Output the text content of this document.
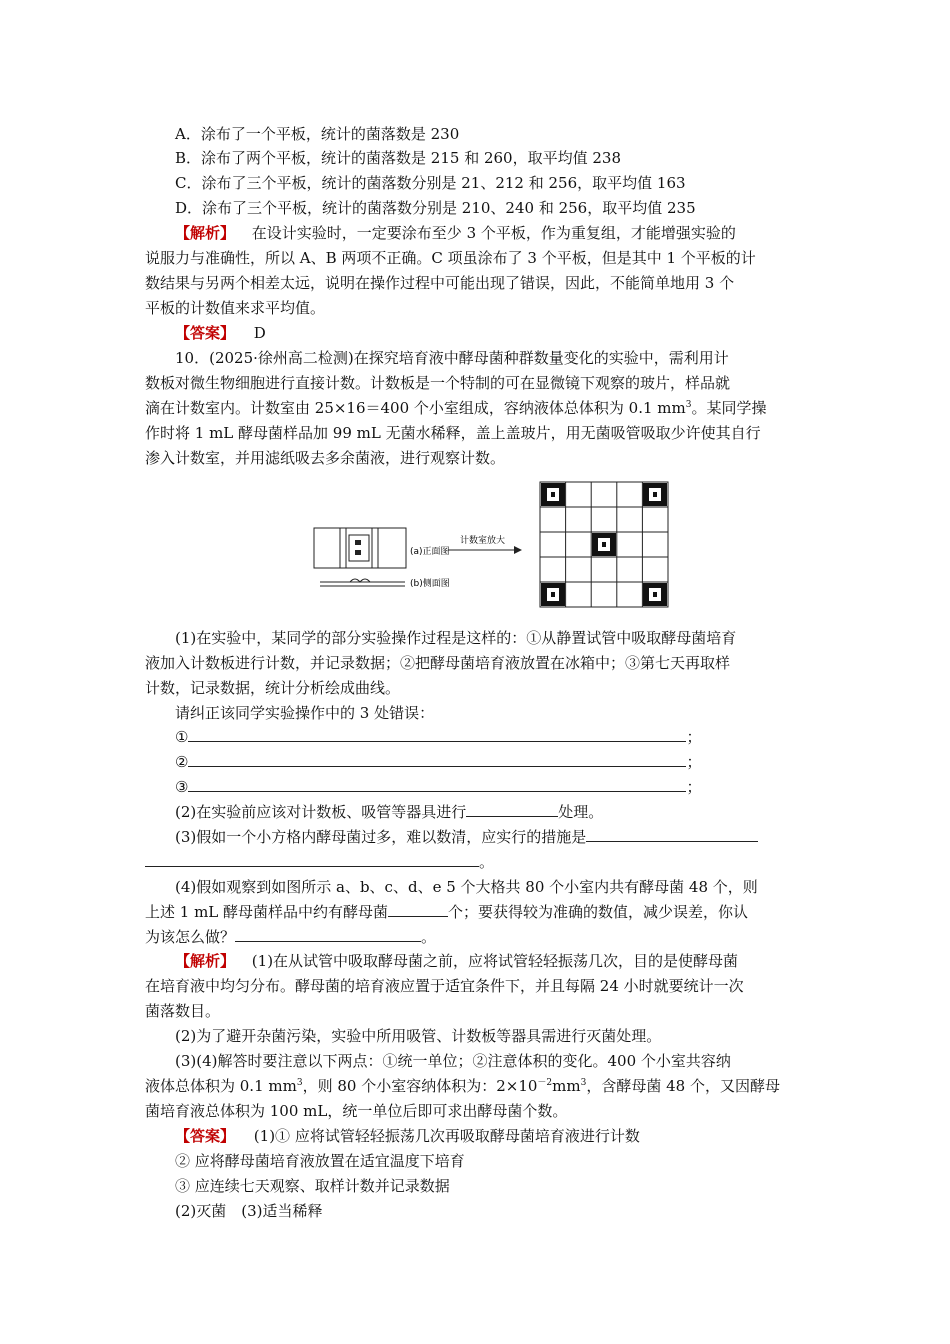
A．涂布了一个平板，统计的菌落数是 230
B．涂布了两个平板，统计的菌落数是 215 和 260，取平均值 238
C．涂布了三个平板，统计的菌落数分别是 21、212 和 256，取平均值 163
D．涂布了三个平板，统计的菌落数分别是 210、240 和 256，取平均值 235
【解析】 在设计实验时，一定要涂布至少 3 个平板，作为重复组，才能增强实验的
说服力与准确性，所以 A、B 两项不正确。C 项虽涂布了 3 个平板，但是其中 1 个平板的计
数结果与另两个相差太远，说明在操作过程中可能出现了错误，因此，不能简单地用 3 个
平板的计数值来求平均值。
【答案】 D
10．(2025·徐州高二检测)在探究培育液中酵母菌种群数量变化的实验中，需利用计
数板对微生物细胞进行直接计数。计数板是一个特制的可在显微镜下观察的玻片，样品就
滴在计数室内。计数室由 25×16＝400 个小室组成，容纳液体总体积为 0.1 $mm^3$。某同学操
作时将 1 mL 酵母菌样品加 99 mL 无菌水稀释，盖上盖玻片，用无菌吸管吸取少许使其自行
渗入计数室，并用滤纸吸去多余菌液，进行观察计数。
(a)正面图
(b)侧面图
计数室放大
(1)在实验中，某同学的部分实验操作过程是这样的：①从静置试管中吸取酵母菌培育
液加入计数板进行计数，并记录数据；②把酵母菌培育液放置在冰箱中；③第七天再取样
计数，记录数据，统计分析绘成曲线。
请纠正该同学实验操作中的 3 处错误：
①	；
②	；
③	；
(2)在实验前应该对计数板、吸管等器具进行	处理。
(3)假如一个小方格内酵母菌过多，难以数清，应实行的措施是
。
(4)假如观察到如图所示 a、b、c、d、e 5 个大格共 80 个小室内共有酵母菌 48 个，则
上述 1 mL 酵母菌样品中约有酵母菌	个；要获得较为准确的数值，减少误差，你认
为该怎么做？	。
【解析】 (1)在从试管中吸取酵母菌之前，应将试管轻轻振荡几次，目的是使酵母菌
在培育液中均匀分布。酵母菌的培育液应置于适宜条件下，并且每隔 24 小时就要统计一次
菌落数目。
(2)为了避开杂菌污染，实验中所用吸管、计数板等器具需进行灭菌处理。
(3)(4)解答时要注意以下两点：①统一单位；②注意体积的变化。400 个小室共容纳
液体总体积为 0.1 $mm^3$，则 80 个小室容纳体积为：$2\times 10^{-2}mm^3$，含酵母菌 48 个，又因酵母
菌培育液总体积为 100 mL，统一单位后即可求出酵母菌个数。
【答案】 (1)① 应将试管轻轻振荡几次再吸取酵母菌培育液进行计数
② 应将酵母菌培育液放置在适宜温度下培育
③ 应连续七天观察、取样计数并记录数据
(2)灭菌　(3)适当稀释
